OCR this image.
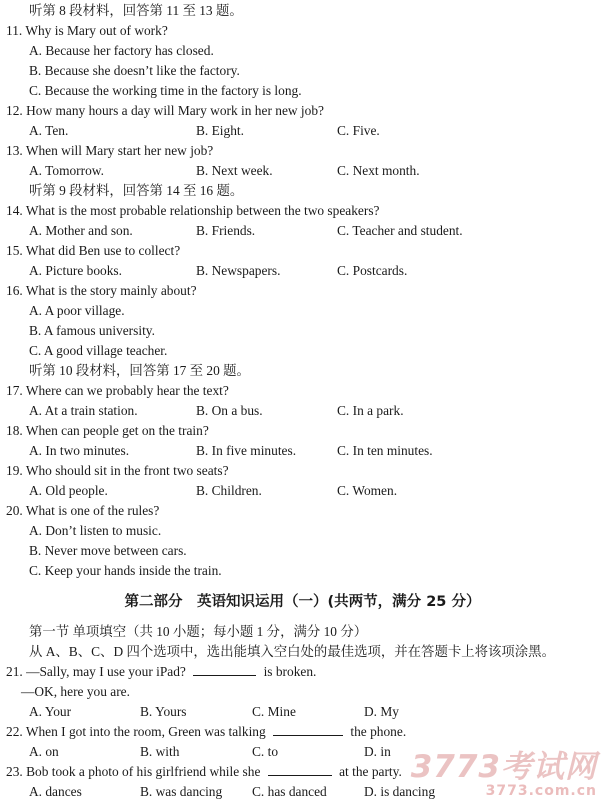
听第 8 段材料，回答第 11 至 13 题。
11. Why is Mary out of work?
A. Because her factory has closed.
B. Because she doesn’t like the factory.
C. Because the working time in the factory is long.
12. How many hours a day will Mary work in her new job?
A. Ten.	B. Eight.	C. Five.
13. When will Mary start her new job?
A. Tomorrow.	B. Next week.	C. Next month.
听第 9 段材料，回答第 14 至 16 题。
14. What is the most probable relationship between the two speakers?
A. Mother and son.	B. Friends.	C. Teacher and student.
15. What did Ben use to collect?
A. Picture books.	B. Newspapers.	C. Postcards.
16. What is the story mainly about?
A. A poor village.
B. A famous university.
C. A good village teacher.
听第 10 段材料，回答第 17 至 20 题。
17. Where can we probably hear the text?
A. At a train station.	B. On a bus.	C. In a park.
18. When can people get on the train?
A. In two minutes.	B. In five minutes.	C. In ten minutes.
19. Who should sit in the front two seats?
A. Old people.	B. Children.	C. Women.
20. What is one of the rules?
A. Don’t listen to music.
B. Never move between cars.
C. Keep your hands inside the train.
第二部分　英语知识运用（一）(共两节，满分 25 分）
第一节 单项填空（共 10 小题；每小题 1 分，满分 10 分）
从 A、B、C、D 四个选项中，选出能填入空白处的最佳选项，并在答题卡上将该项涂黑。
21. —Sally, may I use your iPad?	is broken.
—OK, here you are.
A. Your	B. Yours	C. Mine	D. My
22. When I got into the room, Green was talking	the phone.
A. on	B. with	C. to	D. in
23. Bob took a photo of his girlfriend while she	at the party.
A. dances	B. was dancing C. has danced	D. is dancing
3773考试网
3773.com.cn
